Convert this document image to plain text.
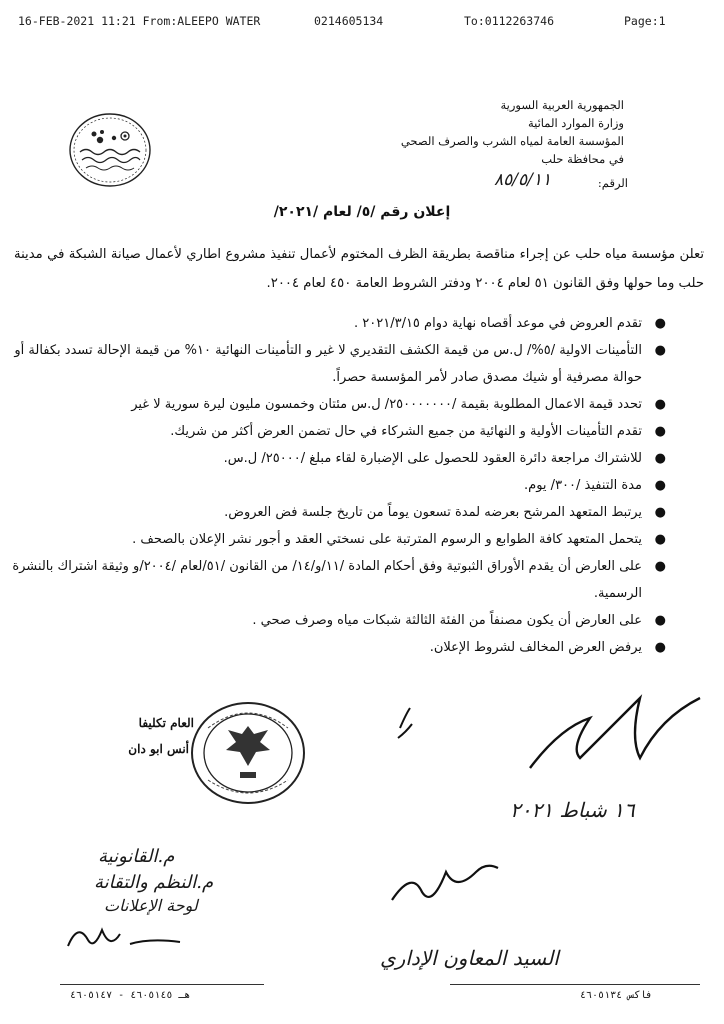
16-FEB-2021 11:21 From:ALEEPO WATER	0214605134	To:0112263746	Page:1
الجمهورية العربية السورية
وزارة الموارد المائية
المؤسسة العامة لمياه الشرب والصرف الصحي
في محافظة حلب
الرقم:
٨٥/٥/١١
إعلان رقم /٥/ لعام /٢٠٢١/
تعلن مؤسسة مياه حلب عن إجراء مناقصة بطريقة الظرف المختوم لأعمال تنفيذ مشروع اطاري لأعمال صيانة الشبكة في مدينة حلب وما حولها وفق القانون ٥١ لعام ٢٠٠٤ ودفتر الشروط العامة ٤٥٠ لعام ٢٠٠٤.
●
تقدم العروض في موعد أقصاه نهاية دوام ٢٠٢١/٣/١٥ .
●
التأمينات الاولية /٥%/ ل.س من قيمة الكشف التقديري لا غير و التأمينات النهائية ١٠% من قيمة الإحالة تسدد بكفالة أو حوالة مصرفية أو شيك مصدق صادر لأمر المؤسسة حصراً.
●
تحدد قيمة الاعمال المطلوبة بقيمة /٢٥٠٠٠٠٠٠٠/ ل.س مئتان وخمسون مليون ليرة سورية لا غير
●
تقدم التأمينات الأولية و النهائية من جميع الشركاء في حال تضمن العرض أكثر من شريك.
●
للاشتراك مراجعة دائرة العقود للحصول على الإضبارة لقاء مبلغ /٢٥٠٠٠/ ل.س.
●
مدة التنفيذ /٣٠٠/ يوم.
●
يرتبط المتعهد المرشح بعرضه لمدة تسعون يوماً من تاريخ جلسة فض العروض.
●
يتحمل المتعهد كافة الطوابع و الرسوم المترتبة على نسختي العقد و أجور نشر الإعلان بالصحف .
●
على العارض أن يقدم الأوراق الثبوتية وفق أحكام المادة /١١/و/١٤/ من القانون /٥١/لعام /٢٠٠٤/و وثيقة اشتراك بالنشرة الرسمية.
●
على العارض أن يكون مصنفاً من الفئة الثالثة شبكات مياه وصرف صحي .
●
يرفض العرض المخالف لشروط الإعلان.
العام تكليفا
أنس ابو دان
١٦ شباط ٢٠٢١
م.القانونية
م.النظم والتقانة
لوحة الإعلانات
السيد المعاون الإداري
هـ ٤٦٠٥١٤٥ - ٤٦٠٥١٤٧	فاكس ٤٦٠٥١٣٤
